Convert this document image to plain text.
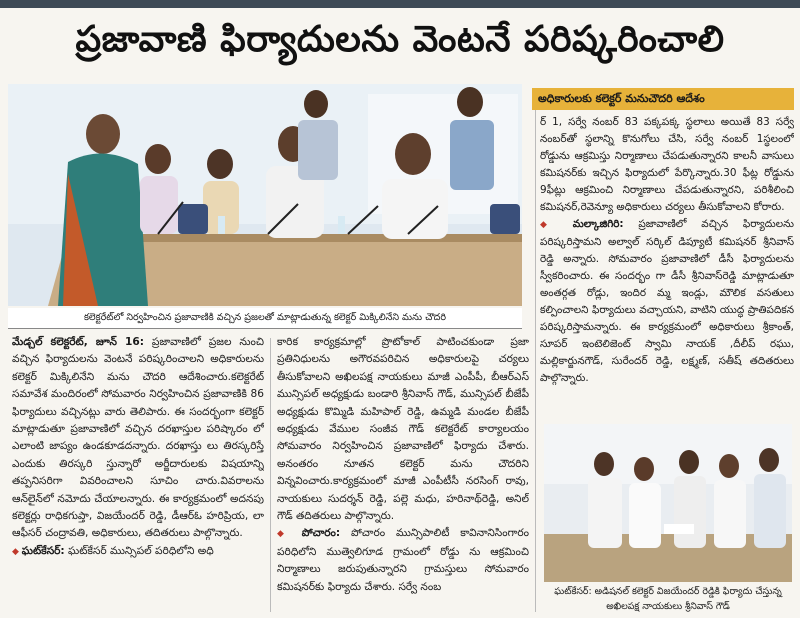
ప్రజావాణి ఫిర్యాదులను వెంటనే పరిష్కరించాలి
కలెక్టరేట్‌లో నిర్వహించిన ప్రజావాణికి వచ్చిన ప్రజలతో మాట్లాడుతున్న కలెక్టర్ మిక్కిలినేని మను చౌదరి

మేడ్చల్ కలెక్టరేట్, జూన్ 16: ప్రజావాణిలో ప్రజల నుంచి వచ్చిన ఫిర్యాదులను వెంటనే పరిష్కరించాలని అధికారులను కలెక్టర్ మిక్కిలినేని మను చౌదరి ఆదేశించారు.కలెక్టరేట్ సమావేశ మందిరంలో సోమవారం నిర్వహించిన ప్రజావాణికి 86 ఫిర్యాదులు వచ్చినట్లు వారు తెలిపారు. ఈ సందర్భంగా కలెక్టర్ మాట్లాడుతూ ప్రజావాణిలో వచ్చిన దరఖాస్తుల పరిష్కారం లో ఎలాంటి జాప్యం ఉండకూడదన్నారు. దరఖాస్తు లు తిరస్కరిస్తే ఎందుకు తిరస్కరి స్తున్నారో అర్జీదారులకు విషయాన్ని తప్పనిసరిగా వివరించాలని సూచిం చారు.వివరాలను ఆన్‌లైన్‌లో నమోదు చేయాలన్నారు. ఈ కార్యక్రమంలో అదనపు కలెక్టర్లు రాధికగుప్తా, విజయేందర్ రెడ్డి, డీఆర్ఓ హరిప్రియ, లా ఆఫీసర్ చంద్రావతి, అధికారులు, తదితరులు పాల్గొన్నారు.

◆ ఘట్‌కేసర్: ఘట్‌కేసర్ మున్సిపల్ పరిధిలోని అధి

కారిక కార్యక్రమాల్లో ప్రొటోకాల్ పాటించకుండా ప్రజా ప్రతినిధులను అగౌరవపరిచిన అధికారులపై చర్యలు తీసుకోవాలని అఖిలపక్ష నాయకులు మాజీ ఎంపీపీ, బీఆర్‌ఎస్ మున్సిపల్ అధ్యక్షుడు బండారి శ్రీనివాస్ గౌడ్, మున్సిపల్ బీజేపీ అధ్యక్షుడు కొమ్మిడి మహిపాల్ రెడ్డి, ఉమ్మడి మండల బీజేపీ అధ్యక్షుడు వేముల సంజీవ గౌడ్ కలెక్టరేట్ కార్యాలయం సోమవారం నిర్వహించిన ప్రజావాణిలో ఫిర్యాదు చేశారు. అనంతరం నూతన కలెక్టర్ మను చౌదరిని విన్నవించారు.కార్యక్రమంలో మాజీ ఎంపీటీసీ నరసింగ్ రావు, నాయకులు సుదర్శన్ రెడ్డి, పల్లె మధు, హరినాథ్‌రెడ్డి, అనిల్ గౌడ్ తదితరులు పాల్గొన్నారు.

◆ పోచారం: పోచారం మున్సిపాలిటీ కావినానిసింగారం పరిధిలోని ముత్వెలిగూడ గ్రామంలో రోడ్డు ను ఆక్రమించి నిర్మాణాలు జరుపుతున్నారని గ్రామస్తులు సోమవారం కమిషనర్‌కు ఫిర్యాదు చేశారు. సర్వే నంబ

అధికారులకు కలెక్టర్ మనుచౌదరి ఆదేశం

ర్ 1, సర్వే నంబర్ 83 పక్కపక్క స్థలాలు అయితే 83 సర్వే నంబర్‌తో స్థలాన్ని కొనుగోలు చేసి, సర్వే నంబర్ 1స్థలంలో రోడ్డును ఆక్రమిస్తు నిర్మాణాలు చేపడుతున్నారని కాలనీ వాసులు కమిషనర్‌కు ఇచ్చిన ఫిర్యాదులో పేర్కొన్నారు.30 ఫీట్ల రోడ్డును 9ఫీట్లు ఆక్రమించి నిర్మాణాలు చేపడుతున్నారని, పరిశీలించి కమిషనర్,రెవెన్యూ అధికారులు చర్యలు తీసుకోవాలని కోరారు.

◆ మల్కాజిగిరి: ప్రజావాణిలో వచ్చిన ఫిర్యాదులను పరిష్కరిస్తామని అల్వాల్ సర్కిల్ డిప్యూటీ కమిషనర్ శ్రీనివాస్ రెడ్డి అన్నారు. సోమవారం ప్రజావాణిలో డీసీ ఫిర్యాదులను స్వీకరించారు. ఈ సందర్భం గా డీసీ శ్రీనివాస్‌రెడ్డి మాట్లాడుతూ అంతర్గత రోడ్లు, ఇందిర మ్మ ఇండ్లు, మౌలిక వసతులు కల్పించాలని ఫిర్యాదులు వచ్చాయని, వాటిని యుద్ధ ప్రాతిపదికన పరిష్కరిస్తామన్నారు. ఈ కార్యక్రమంలో అధికారులు శ్రీకాంత్, సూపర్ ఇంటెలిజెంట్ స్వామి నాయక్ ,దీలీప్ రఘు, మల్లికార్జునగౌడ్, సురేందర్ రెడ్డి, లక్ష్మణ్, సతీష్ తదితరులు పాల్గొన్నారు.

ఘట్‌కేసర్: అడిషనల్ కలెక్టర్ విజయేందర్ రెడ్డికి ఫిర్యాదు చేస్తున్న అఖిలపక్ష నాయకులు శ్రీనివాస్ గౌడ్
